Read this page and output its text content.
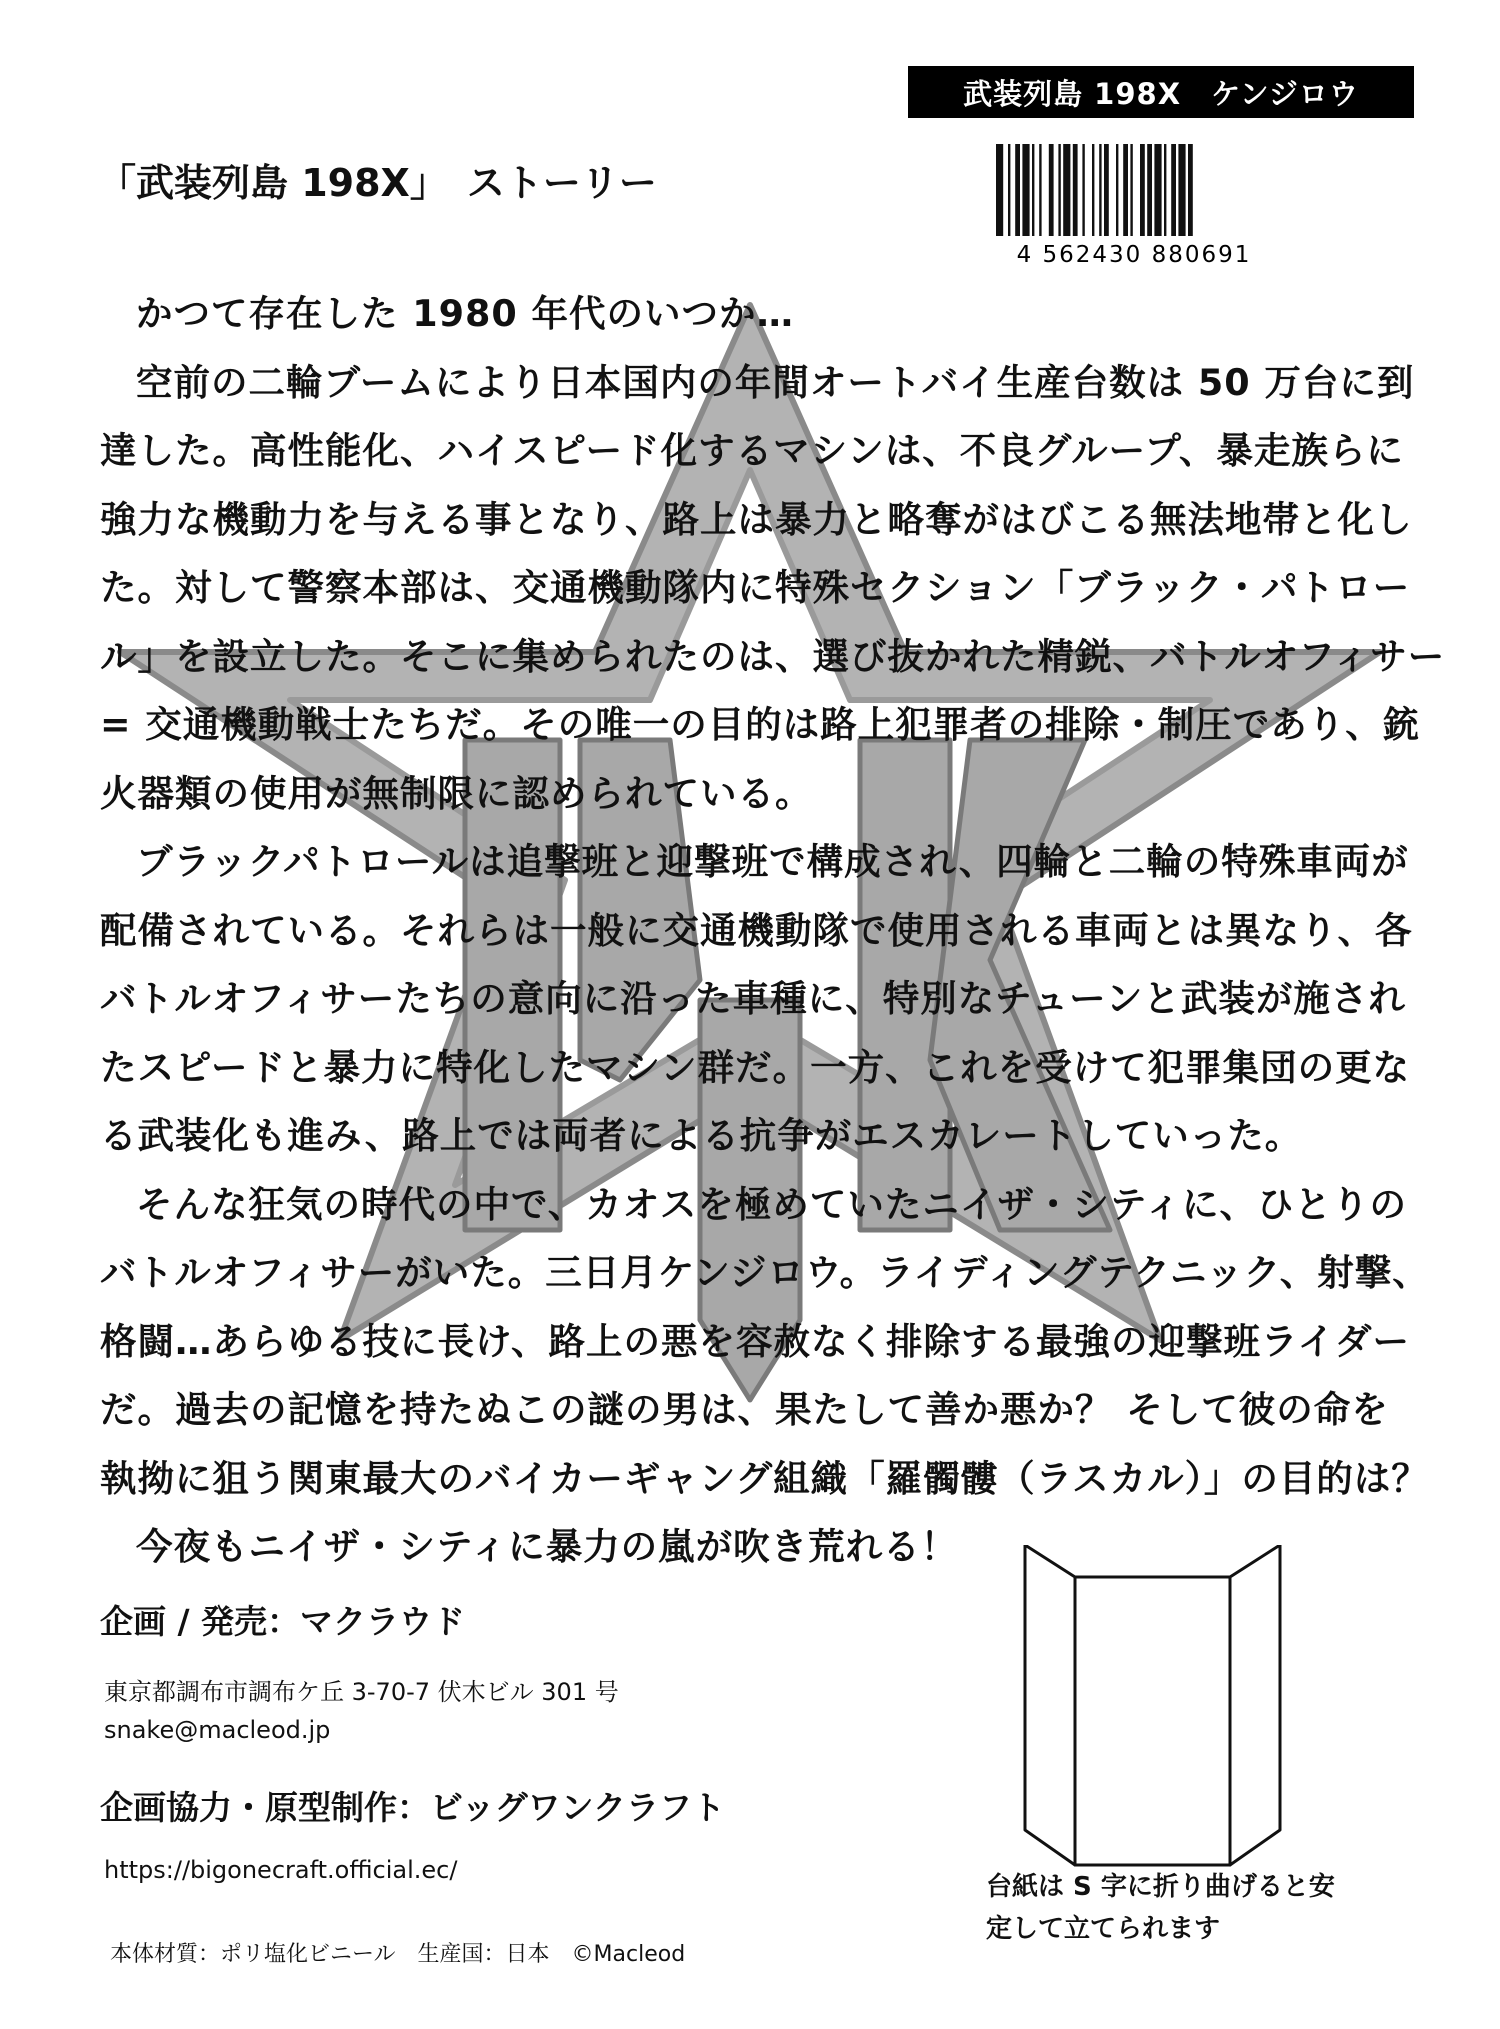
武装列島 198X　ケンジロウ
「武装列島 198X」　ストーリー
4 562430 880691

かつて存在した 1980 年代のいつか…

空前の二輪ブームにより日本国内の年間オートバイ生産台数は 50 万台に到
達した。高性能化、ハイスピード化するマシンは、不良グループ、暴走族らに
強力な機動力を与える事となり、路上は暴力と略奪がはびこる無法地帯と化し
た。対して警察本部は、交通機動隊内に特殊セクション「ブラック・パトロー
ル」を設立した。そこに集められたのは、選び抜かれた精鋭、バトルオフィサー
= 交通機動戦士たちだ。その唯一の目的は路上犯罪者の排除・制圧であり、銃
火器類の使用が無制限に認められている。

ブラックパトロールは追撃班と迎撃班で構成され、四輪と二輪の特殊車両が
配備されている。それらは一般に交通機動隊で使用される車両とは異なり、各
バトルオフィサーたちの意向に沿った車種に、特別なチューンと武装が施され
たスピードと暴力に特化したマシン群だ。一方、これを受けて犯罪集団の更な
る武装化も進み、路上では両者による抗争がエスカレートしていった。

そんな狂気の時代の中で、カオスを極めていたニイザ・シティに、ひとりの
バトルオフィサーがいた。三日月ケンジロウ。ライディングテクニック、射撃、
格闘…あらゆる技に長け、路上の悪を容赦なく排除する最強の迎撃班ライダー
だ。過去の記憶を持たぬこの謎の男は、果たして善か悪か？ そして彼の命を
執拗に狙う関東最大のバイカーギャング組織「羅髑髏（ラスカル）」の目的は？

今夜もニイザ・シティに暴力の嵐が吹き荒れる！

企画 / 発売：マクラウド
東京都調布市調布ケ丘 3-70-7 伏木ビル 301 号
snake@macleod.jp
企画協力・原型制作：ビッグワンクラフト
https://bigonecraft.official.ec/
本体材質：ポリ塩化ビニール　生産国：日本　©Macleod
台紙は S 字に折り曲げると安
定して立てられます
